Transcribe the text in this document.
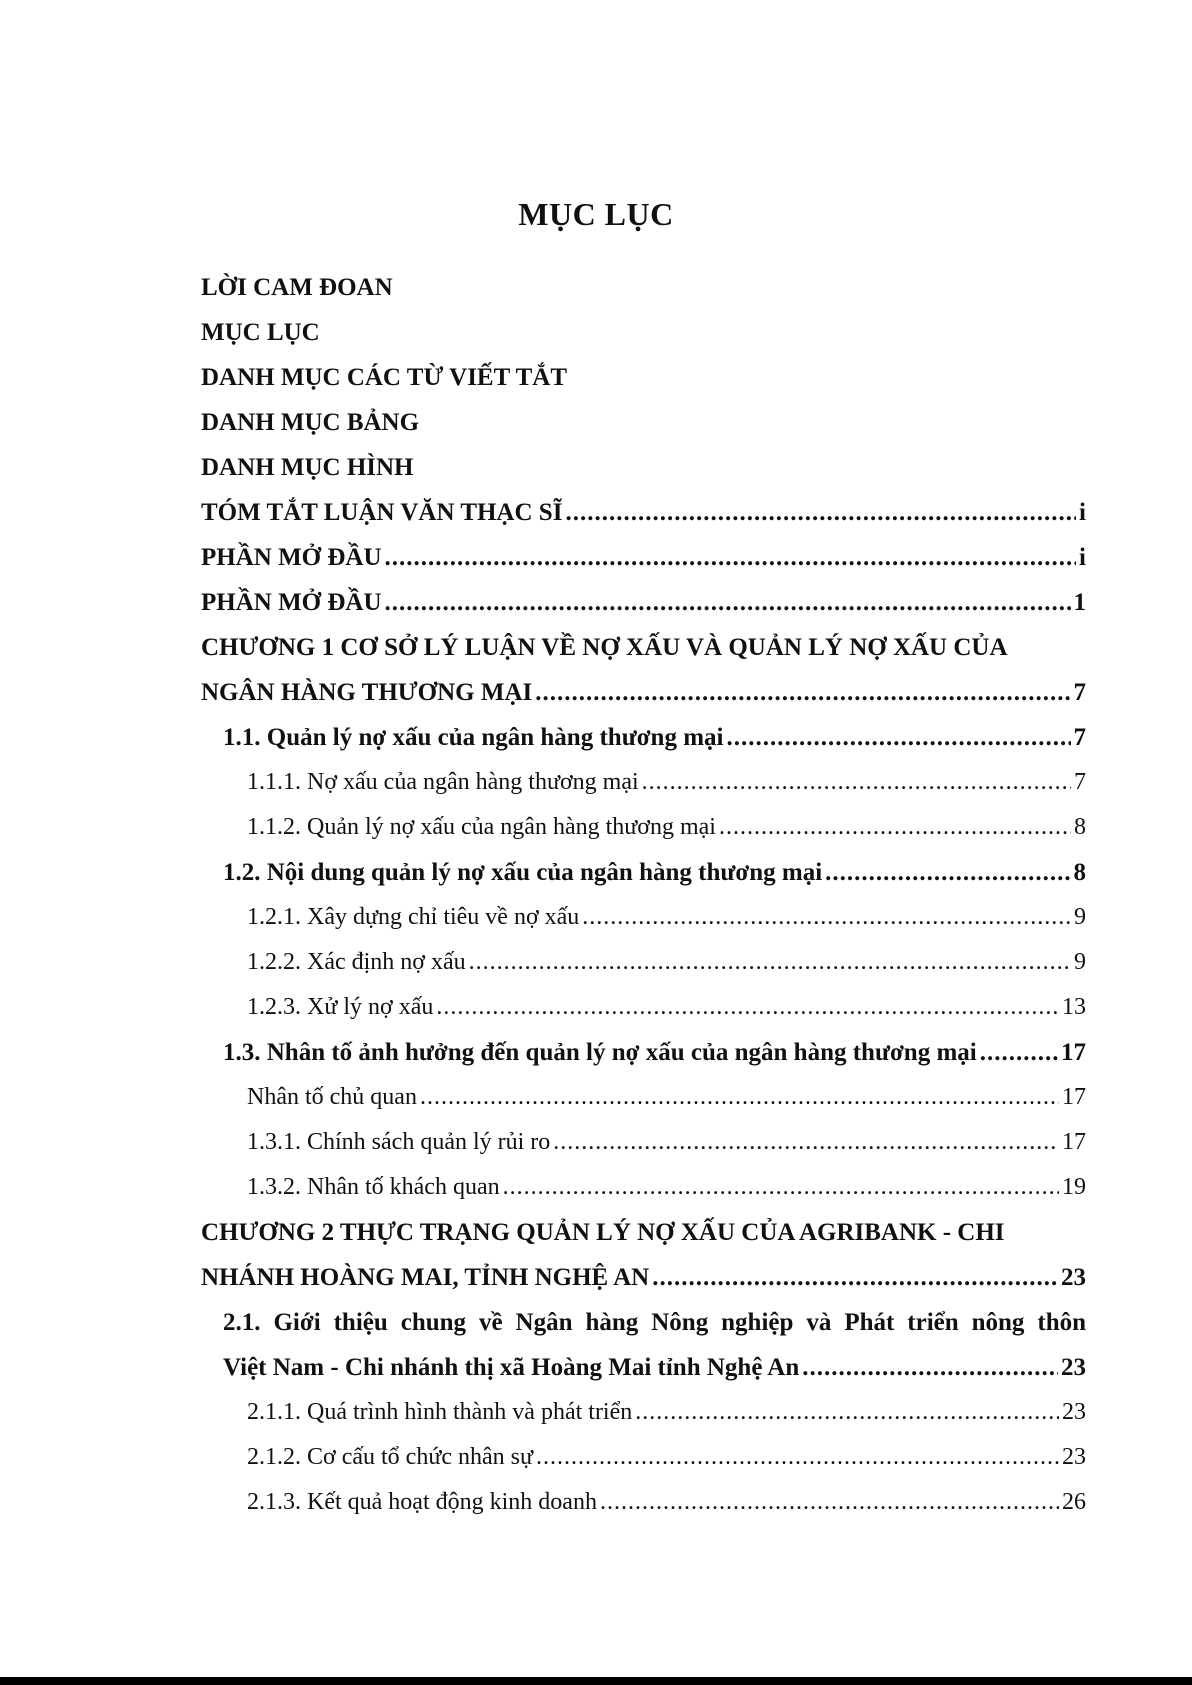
MỤC LỤC
LỜI CAM ĐOAN
MỤC LỤC
DANH MỤC CÁC TỪ VIẾT TẮT
DANH MỤC BẢNG
DANH MỤC HÌNH
TÓM TẮT LUẬN VĂN THẠC SĨ .....	i
PHẦN MỞ ĐẦU .....	i
PHẦN MỞ ĐẦU .....	1
CHƯƠNG 1 CƠ SỞ LÝ LUẬN VỀ NỢ XẤU VÀ QUẢN LÝ NỢ XẤU CỦA
NGÂN HÀNG THƯƠNG MẠI .....	7
1.1. Quản lý nợ xấu của ngân hàng thương mại .....	7
1.1.1. Nợ xấu của ngân hàng thương mại .....	7
1.1.2. Quản lý nợ xấu của ngân hàng thương mại .....	8
1.2. Nội dung quản lý nợ xấu của ngân hàng thương mại .....	8
1.2.1. Xây dựng chỉ tiêu về nợ xấu .....	9
1.2.2. Xác định nợ xấu .....	9
1.2.3. Xử lý nợ xấu .....	13
1.3. Nhân tố ảnh hưởng đến quản lý nợ xấu của ngân hàng thương mại .....	17
Nhân tố chủ quan .....	17
1.3.1. Chính sách quản lý rủi ro .....	17
1.3.2. Nhân tố khách quan .....	19
CHƯƠNG 2 THỰC TRẠNG QUẢN LÝ NỢ XẤU CỦA AGRIBANK - CHI
NHÁNH HOÀNG MAI, TỈNH NGHỆ AN .....	23
2.1. Giới thiệu chung về Ngân hàng Nông nghiệp và Phát triển nông thôn
Việt Nam - Chi nhánh thị xã Hoàng Mai tỉnh Nghệ An .....	23
2.1.1. Quá trình hình thành và phát triển .....	23
2.1.2. Cơ cấu tổ chức nhân sự .....	23
2.1.3. Kết quả hoạt động kinh doanh .....	26
